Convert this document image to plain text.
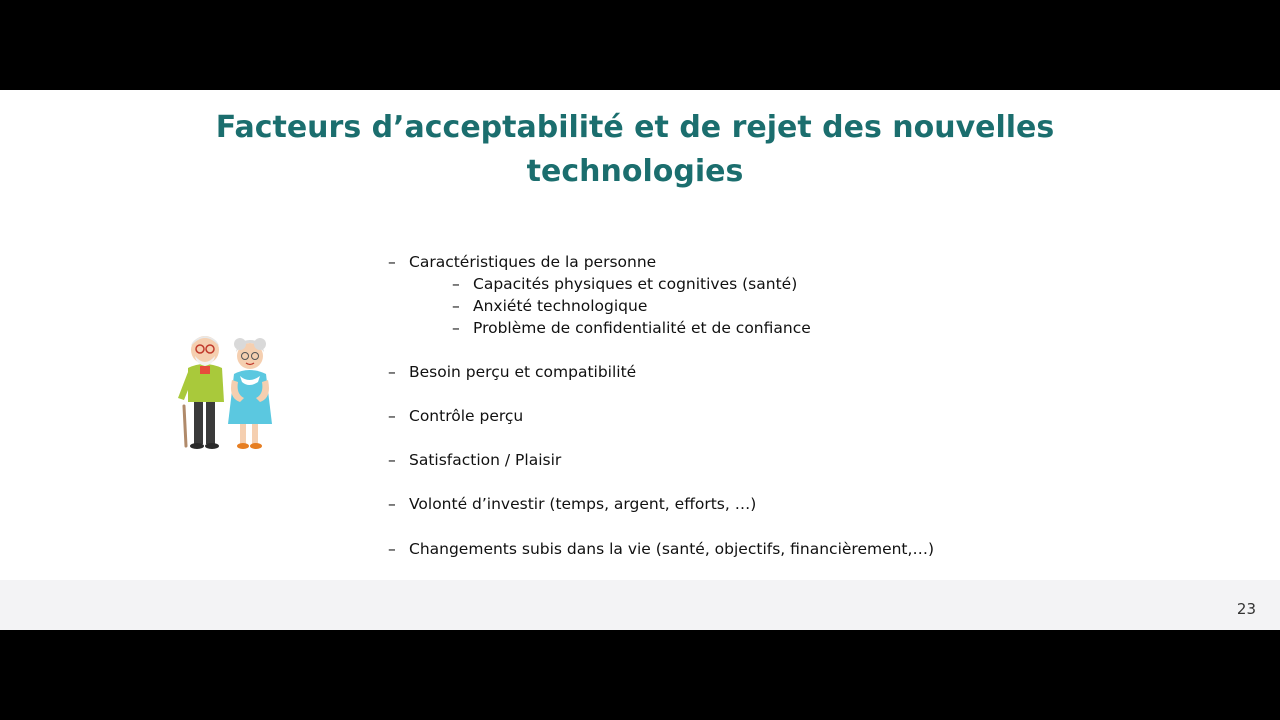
Facteurs d’acceptabilité et de rejet des nouvelles
technologies
– Caractéristiques de la personne
– Capacités physiques et cognitives (santé)
– Anxiété technologique
– Problème de confidentialité et de confiance
– Besoin perçu et compatibilité
– Contrôle perçu
– Satisfaction / Plaisir
– Volonté d’investir (temps, argent, efforts, …)
– Changements subis dans la vie (santé, objectifs, financièrement,…)
23
